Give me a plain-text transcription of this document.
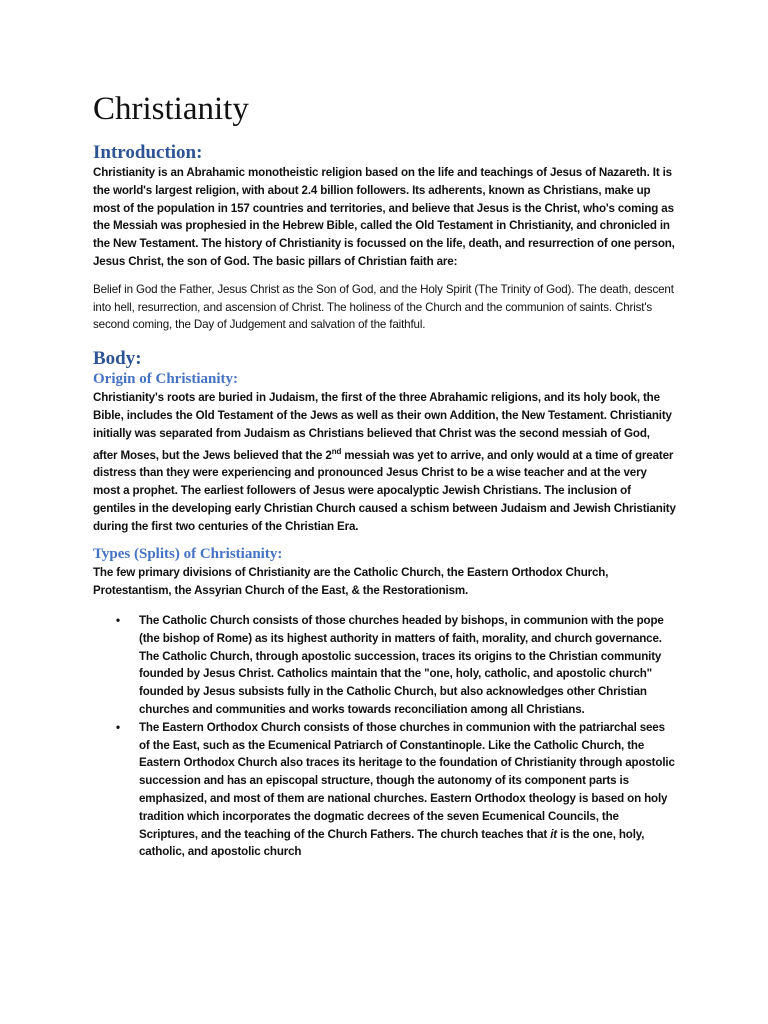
Christianity
Introduction:

Christianity is an Abrahamic monotheistic religion based on the life and teachings of Jesus of Nazareth. It is the world's largest religion, with about 2.4 billion followers. Its adherents, known as Christians, make up most of the population in 157 countries and territories, and believe that Jesus is the Christ, who's coming as the Messiah was prophesied in the Hebrew Bible, called the Old Testament in Christianity, and chronicled in the New Testament. The history of Christianity is focussed on the life, death, and resurrection of one person, Jesus Christ, the son of God. The basic pillars of Christian faith are:

Belief in God the Father, Jesus Christ as the Son of God, and the Holy Spirit (The Trinity of God). The death, descent into hell, resurrection, and ascension of Christ. The holiness of the Church and the communion of saints. Christ's second coming, the Day of Judgement and salvation of the faithful.

Body:
Origin of Christianity:

Christianity's roots are buried in Judaism, the first of the three Abrahamic religions, and its holy book, the Bible, includes the Old Testament of the Jews as well as their own Addition, the New Testament. Christianity initially was separated from Judaism as Christians believed that Christ was the second messiah of God, after Moses, but the Jews believed that the 2nd messiah was yet to arrive, and only would at a time of greater distress than they were experiencing and pronounced Jesus Christ to be a wise teacher and at the very most a prophet. The earliest followers of Jesus were apocalyptic Jewish Christians. The inclusion of gentiles in the developing early Christian Church caused a schism between Judaism and Jewish Christianity during the first two centuries of the Christian Era.

Types (Splits) of Christianity:

The few primary divisions of Christianity are the Catholic Church, the Eastern Orthodox Church, Protestantism, the Assyrian Church of the East, & the Restorationism.

• The Catholic Church consists of those churches headed by bishops, in communion with the pope (the bishop of Rome) as its highest authority in matters of faith, morality, and church governance. The Catholic Church, through apostolic succession, traces its origins to the Christian community founded by Jesus Christ. Catholics maintain that the "one, holy, catholic, and apostolic church" founded by Jesus subsists fully in the Catholic Church, but also acknowledges other Christian churches and communities and works towards reconciliation among all Christians.
• The Eastern Orthodox Church consists of those churches in communion with the patriarchal sees of the East, such as the Ecumenical Patriarch of Constantinople. Like the Catholic Church, the Eastern Orthodox Church also traces its heritage to the foundation of Christianity through apostolic succession and has an episcopal structure, though the autonomy of its component parts is emphasized, and most of them are national churches. Eastern Orthodox theology is based on holy tradition which incorporates the dogmatic decrees of the seven Ecumenical Councils, the Scriptures, and the teaching of the Church Fathers. The church teaches that it is the one, holy, catholic, and apostolic church
